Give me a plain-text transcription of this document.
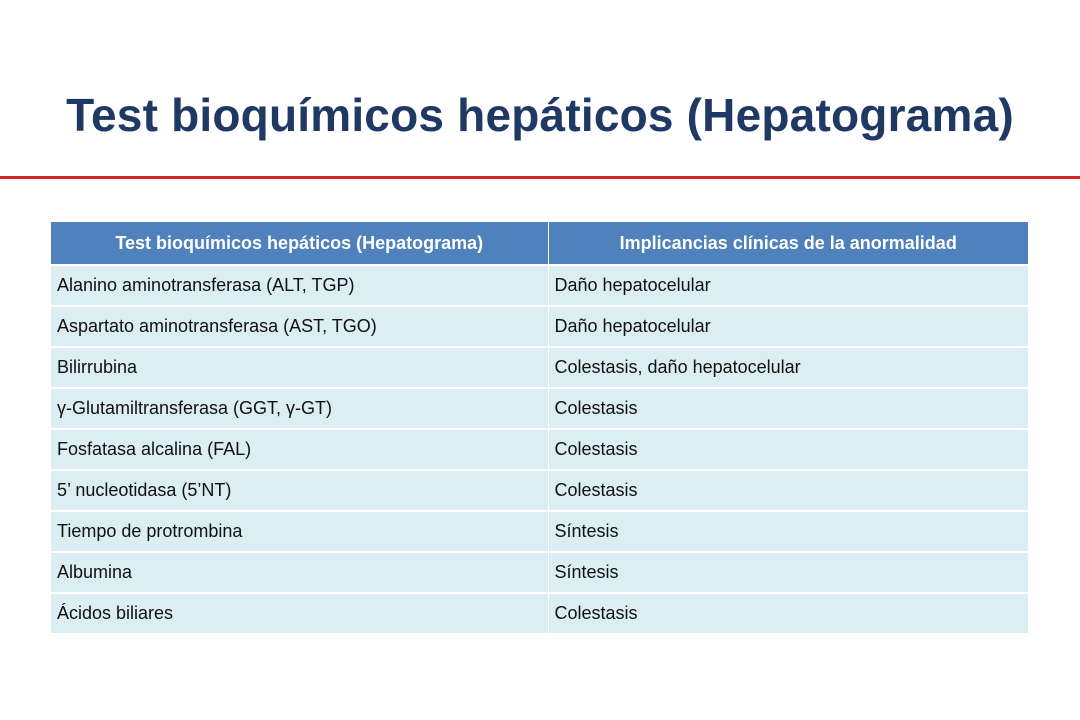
Test bioquímicos hepáticos (Hepatograma)
Test bioquímicos hepáticos (Hepatograma)	Implicancias clínicas de la anormalidad
Alanino aminotransferasa (ALT, TGP)	Daño hepatocelular
Aspartato aminotransferasa (AST, TGO)	Daño hepatocelular
Bilirrubina	Colestasis, daño hepatocelular
γ-Glutamiltransferasa (GGT, γ-GT)	Colestasis
Fosfatasa alcalina (FAL)	Colestasis
5’ nucleotidasa (5’NT)	Colestasis
Tiempo de protrombina	Síntesis
Albumina	Síntesis
Ácidos biliares	Colestasis
